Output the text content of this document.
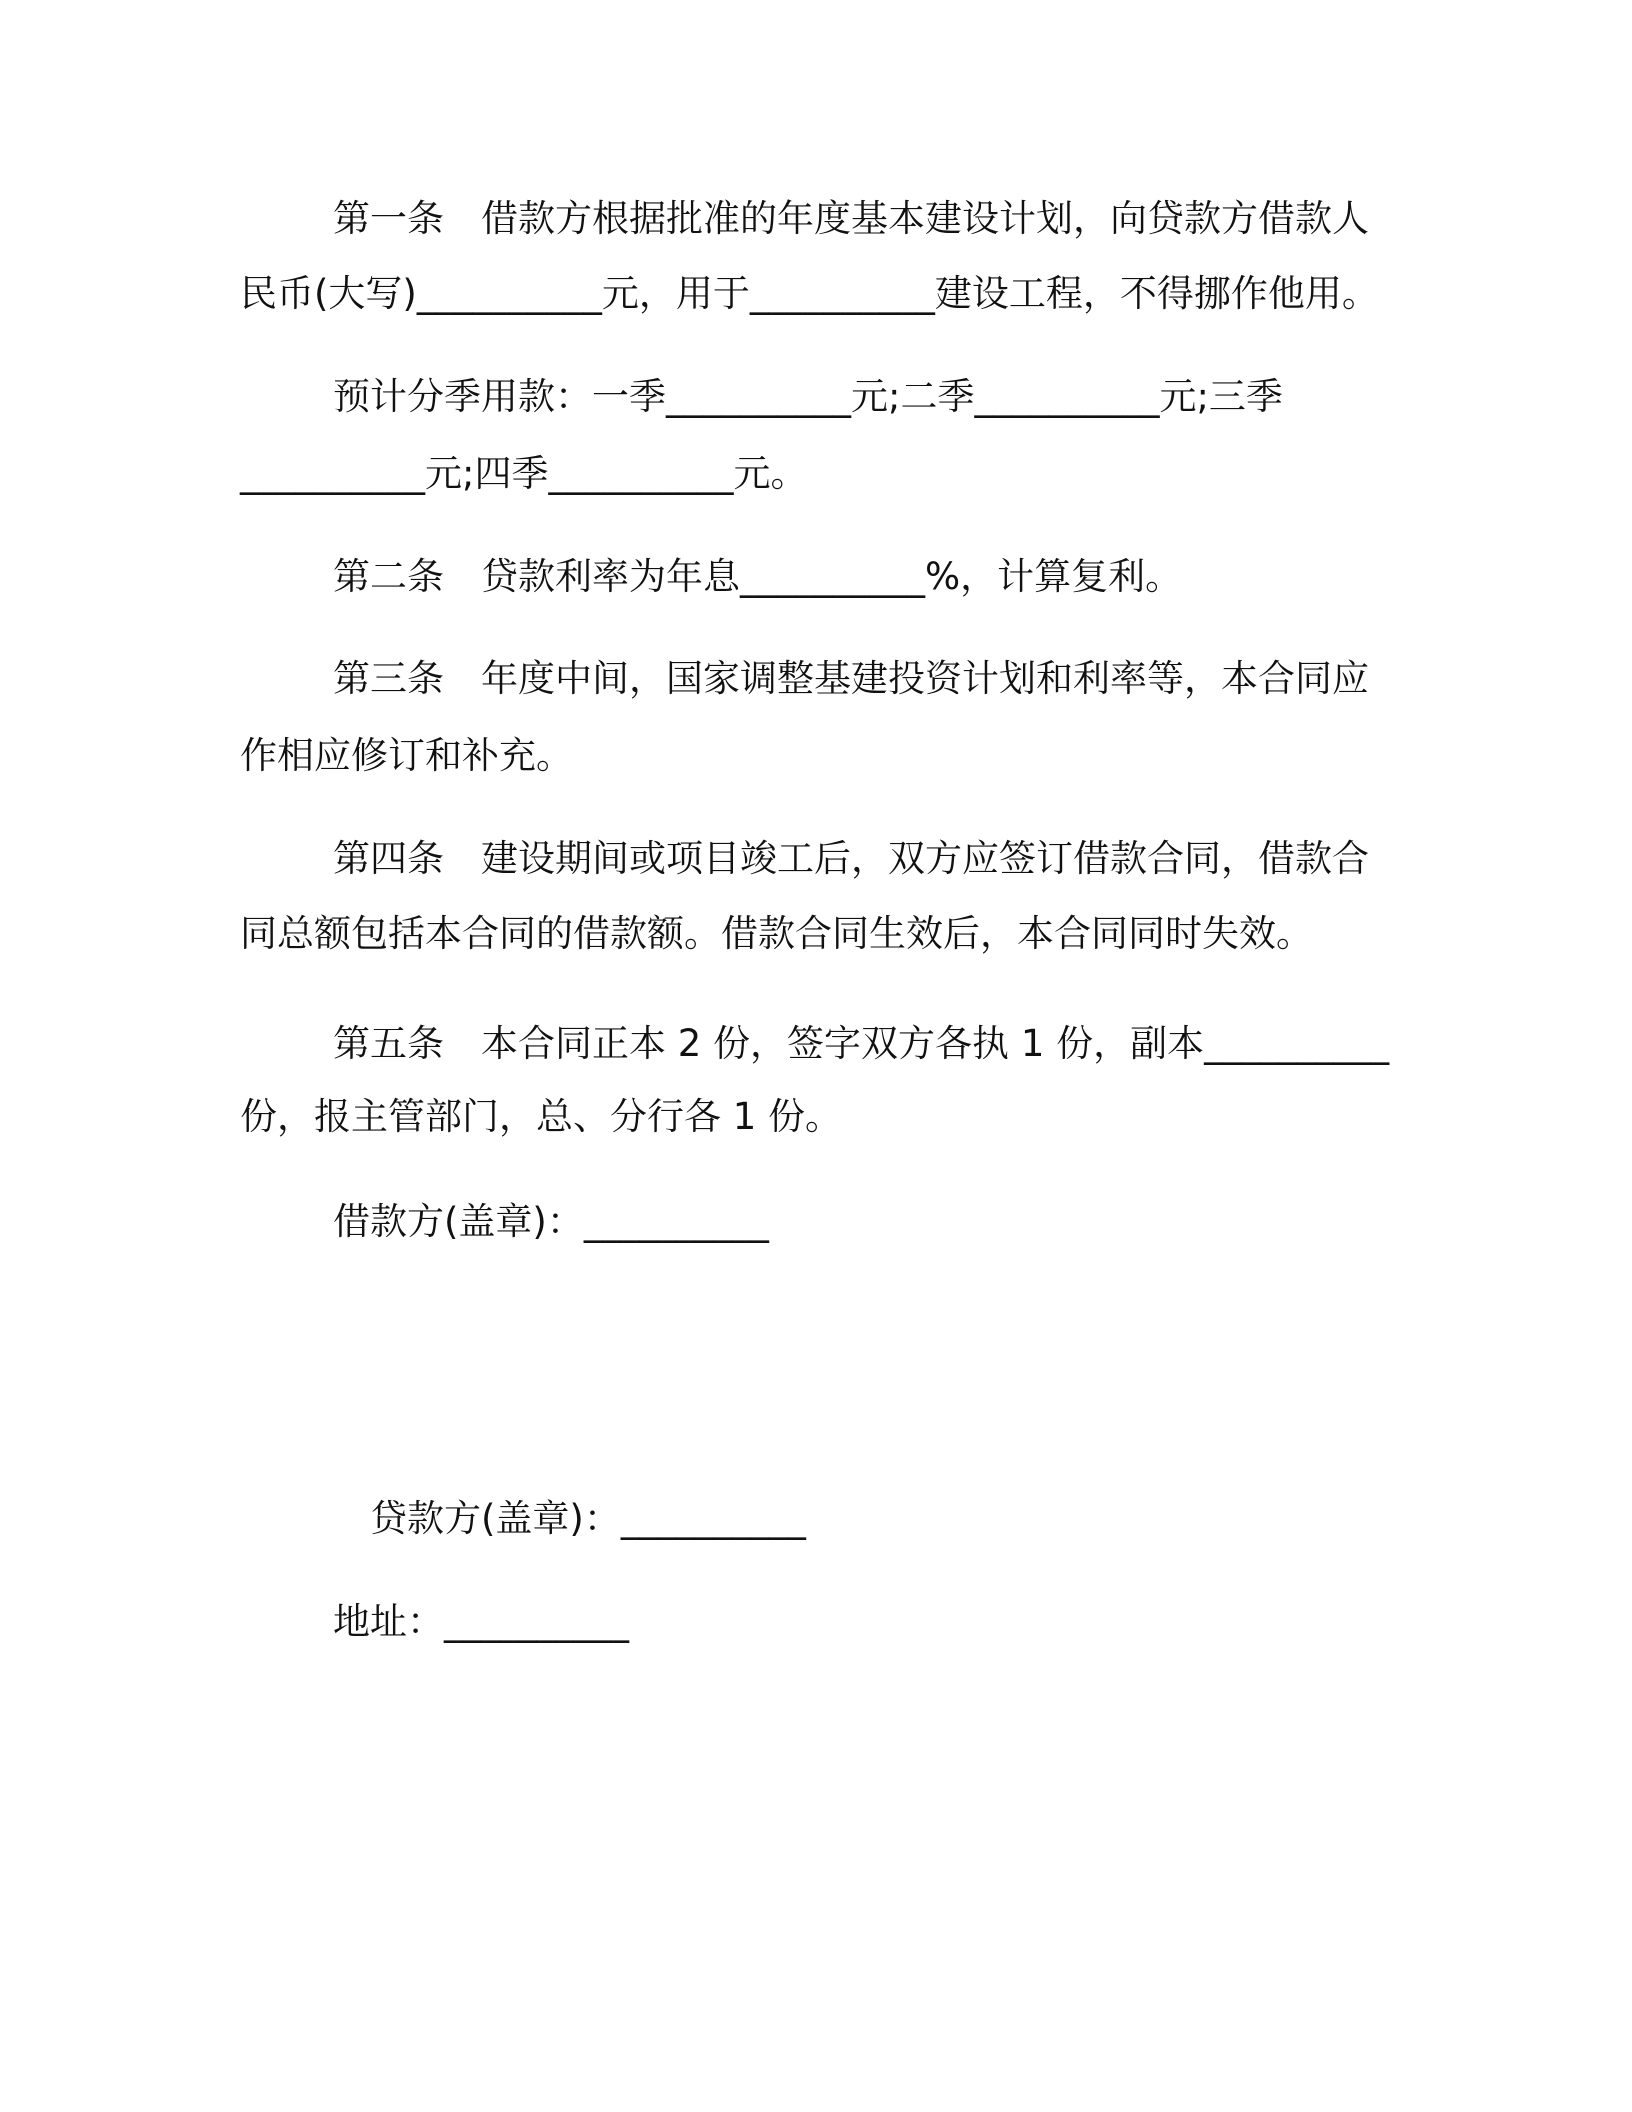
第一条　借款方根据批准的年度基本建设计划，向贷款方借款人
民币(大写)__________元，用于__________建设工程，不得挪作他用。
预计分季用款：一季__________元;二季__________元;三季
__________元;四季__________元。
第二条　贷款利率为年息__________%，计算复利。
第三条　年度中间，国家调整基建投资计划和利率等，本合同应
作相应修订和补充。
第四条　建设期间或项目竣工后，双方应签订借款合同，借款合
同总额包括本合同的借款额。借款合同生效后，本合同同时失效。
第五条　本合同正本 2 份，签字双方各执 1 份，副本__________
份，报主管部门，总、分行各 1 份。
借款方(盖章)：__________
贷款方(盖章)：__________
地址：__________
